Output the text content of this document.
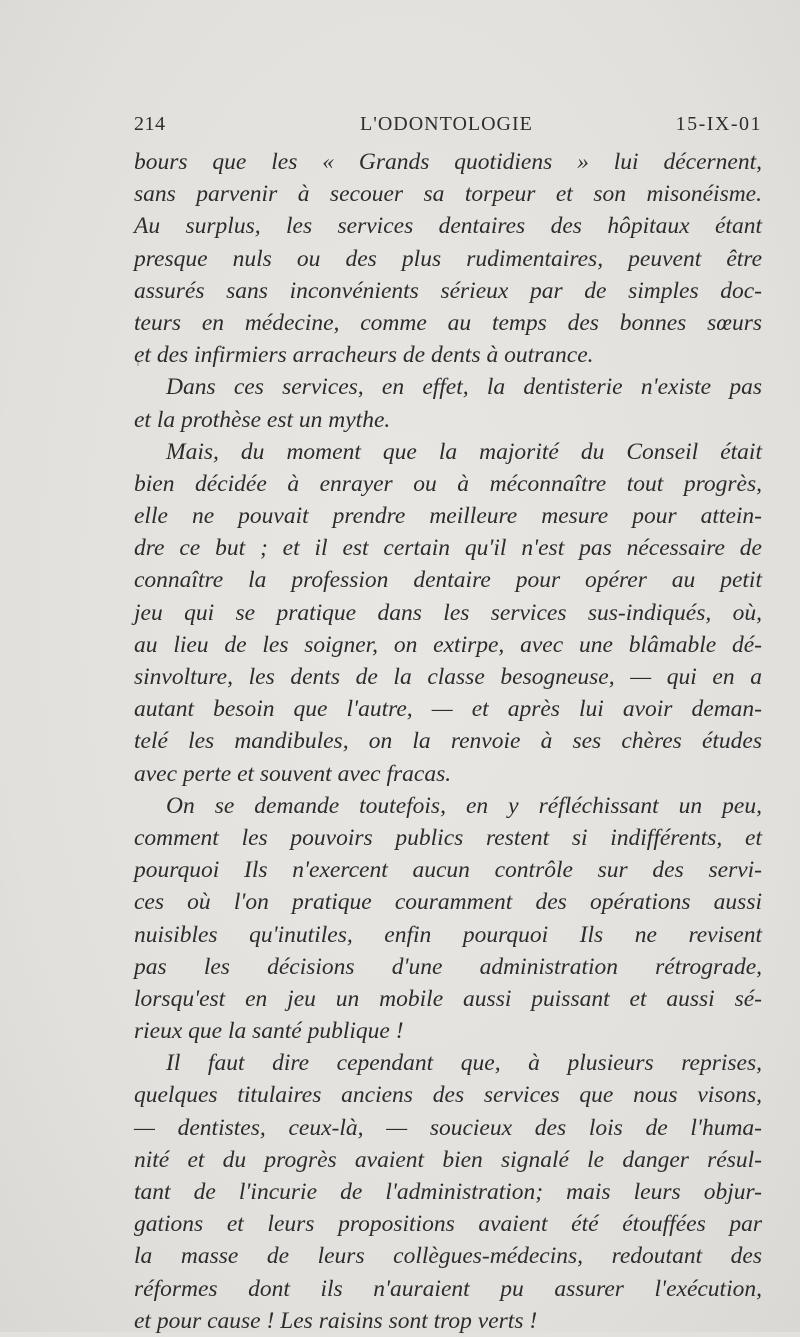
214	L'ODONTOLOGIE	15-IX-01
bours que les « Grands quotidiens » lui décernent,
sans parvenir à secouer sa torpeur et son misonéisme.
Au surplus, les services dentaires des hôpitaux étant
presque nuls ou des plus rudimentaires, peuvent être
assurés sans inconvénients sérieux par de simples doc-
teurs en médecine, comme au temps des bonnes sœurs
et des infirmiers arracheurs de dents à outrance.
Dans ces services, en effet, la dentisterie n'existe pas
et la prothèse est un mythe.
Mais, du moment que la majorité du Conseil était
bien décidée à enrayer ou à méconnaître tout progrès,
elle ne pouvait prendre meilleure mesure pour attein-
dre ce but ; et il est certain qu'il n'est pas nécessaire de
connaître la profession dentaire pour opérer au petit
jeu qui se pratique dans les services sus-indiqués, où,
au lieu de les soigner, on extirpe, avec une blâmable dé-
sinvolture, les dents de la classe besogneuse, — qui en a
autant besoin que l'autre, — et après lui avoir deman-
telé les mandibules, on la renvoie à ses chères études
avec perte et souvent avec fracas.
On se demande toutefois, en y réfléchissant un peu,
comment les pouvoirs publics restent si indifférents, et
pourquoi Ils n'exercent aucun contrôle sur des servi-
ces où l'on pratique couramment des opérations aussi
nuisibles qu'inutiles, enfin pourquoi Ils ne revisent
pas les décisions d'une administration rétrograde,
lorsqu'est en jeu un mobile aussi puissant et aussi sé-
rieux que la santé publique !
Il faut dire cependant que, à plusieurs reprises,
quelques titulaires anciens des services que nous visons,
— dentistes, ceux-là, — soucieux des lois de l'huma-
nité et du progrès avaient bien signalé le danger résul-
tant de l'incurie de l'administration; mais leurs objur-
gations et leurs propositions avaient été étouffées par
la masse de leurs collègues-médecins, redoutant des
réformes dont ils n'auraient pu assurer l'exécution,
et pour cause ! Les raisins sont trop verts !
